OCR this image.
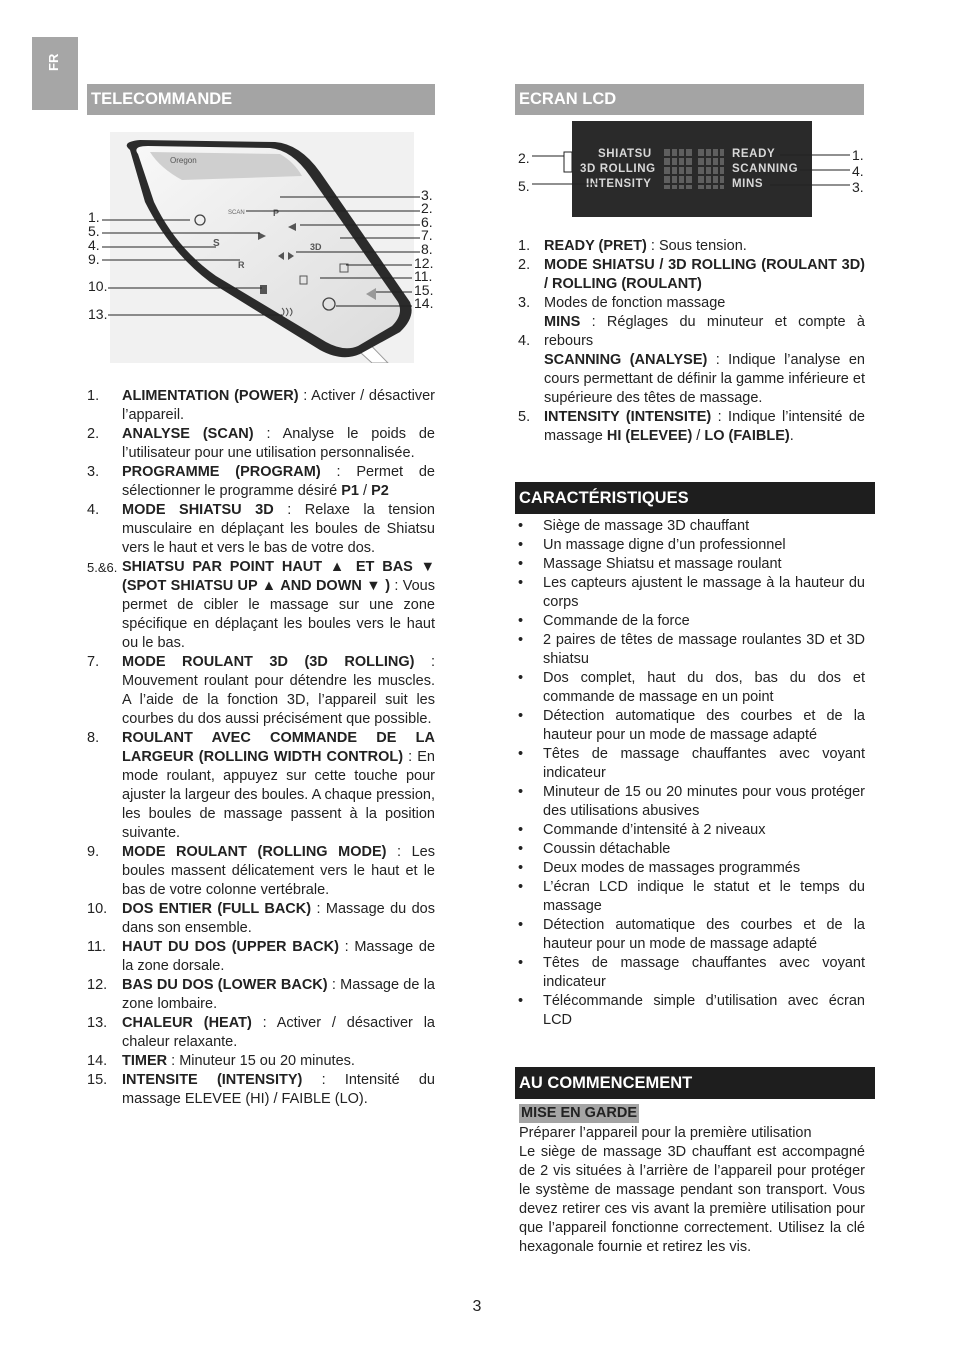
FR
TELECOMMANDE
Oregon
SCAN	P
S	3D
R
1.
5.
4.
9.
10.
13.
3.
2.
6.
7.
8.
12.
11.
15.
14.
1. ALIMENTATION (POWER) : Activer / désactiver l’appareil.
2. ANALYSE (SCAN) : Analyse le poids de l’utilisateur pour une utilisation personnalisée.
3. PROGRAMME (PROGRAM) : Permet de sélectionner le programme désiré P1 / P2
4. MODE SHIATSU 3D : Relaxe la tension musculaire en déplaçant les boules de Shiatsu vers le haut et vers le bas de votre dos.
5.&6. SHIATSU PAR POINT HAUT ▲ ET BAS ▼ (SPOT SHIATSU UP ▲ AND DOWN ▼ ) : Vous permet de cibler le massage sur une zone spécifique en déplaçant les boules vers le haut ou le bas.
7. MODE ROULANT 3D (3D ROLLING) : Mouvement roulant pour détendre les muscles. A l’aide de la fonction 3D, l’appareil suit les courbes du dos aussi précisément que possible.
8. ROULANT AVEC COMMANDE DE LA LARGEUR (ROLLING WIDTH CONTROL) : En mode roulant, appuyez sur cette touche pour ajuster la largeur des boules. A chaque pression, les boules de massage passent à la position suivante.
9. MODE ROULANT (ROLLING MODE) : Les boules massent délicatement vers le haut et le bas de votre colonne vertébrale.
10. DOS ENTIER (FULL BACK) : Massage du dos dans son ensemble.
11. HAUT DU DOS (UPPER BACK) : Massage de la zone dorsale.
12. BAS DU DOS (LOWER BACK) : Massage de la zone lombaire.
13. CHALEUR (HEAT) : Activer / désactiver la chaleur relaxante.
14. TIMER : Minuteur 15 ou 20 minutes.
15. INTENSITE (INTENSITY) : Intensité du massage ELEVEE (HI) / FAIBLE (LO).
ECRAN LCD
SHIATSU
3D ROLLING
INTENSITY
READY
SCANNING
MINS
2.
5.
1.
4.
3.
1. READY (PRET) : Sous tension.
2. MODE SHIATSU / 3D ROLLING (ROULANT 3D) / ROLLING (ROULANT)
3. Modes de fonction massage
4.
MINS : Réglages du minuteur et compte à rebours
SCANNING (ANALYSE) : Indique l’analyse en cours permettant de définir la gamme inférieure et supérieure des têtes de massage.
5. INTENSITY (INTENSITE) : Indique l’intensité de massage HI (ELEVEE) / LO (FAIBLE).
CARACTÉRISTIQUES
• Siège de massage 3D chauffant
• Un massage digne d’un professionnel
• Massage Shiatsu et massage roulant
• Les capteurs ajustent le massage à la hauteur du corps
• Commande de la force
• 2 paires de têtes de massage roulantes 3D et 3D shiatsu
• Dos complet, haut du dos, bas du dos et commande de massage en un point
• Détection automatique des courbes et de la hauteur pour un mode de massage adapté
• Têtes de massage chauffantes avec voyant indicateur
• Minuteur de 15 ou 20 minutes pour vous protéger des utilisations abusives
• Commande d’intensité à 2 niveaux
• Coussin détachable
• Deux modes de massages programmés
• L’écran LCD indique le statut et le temps du massage
• Détection automatique des courbes et de la hauteur pour un mode de massage adapté
• Têtes de massage chauffantes avec voyant indicateur
• Télécommande simple d’utilisation avec écran LCD
AU COMMENCEMENT
MISE EN GARDE

Préparer l’appareil pour la première utilisation

Le siège de massage 3D chauffant est accompagné de 2 vis situées à l’arrière de l’appareil pour protéger le système de massage pendant son transport. Vous devez retirer ces vis avant la première utilisation pour que l’appareil fonctionne correctement. Utilisez la clé hexagonale fournie et retirez les vis.

3
